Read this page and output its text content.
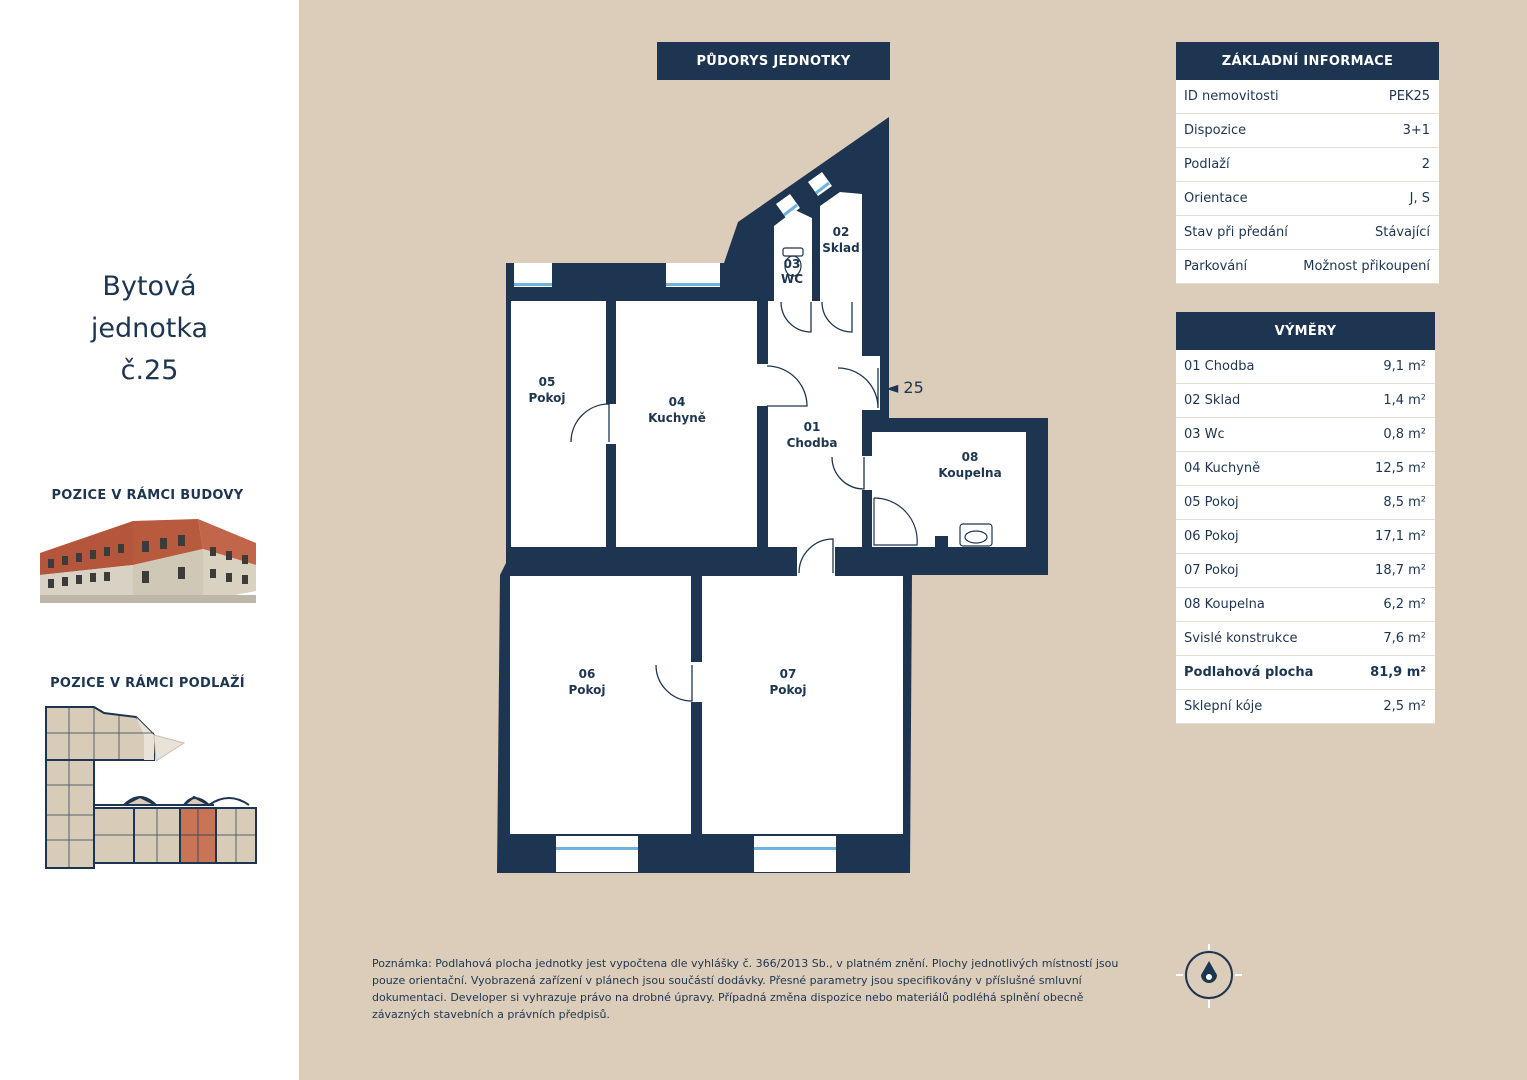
Bytová
jednotka
č.25
POZICE V RÁMCI BUDOVY
POZICE V RÁMCI PODLAŽÍ
PŮDORYS JEDNOTKY
◄ 25
01
Chodba
02
Sklad
03
WC
04
Kuchyně
05
Pokoj
06
Pokoj
07
Pokoj
08
Koupelna
ZÁKLADNÍ INFORMACE
ID nemovitosti	PEK25
Dispozice	3+1
Podlaží	2
Orientace	J, S
Stav při předání	Stávající
Parkování	Možnost přikoupení
VÝMĚRY
01 Chodba	9,1 m²
02 Sklad	1,4 m²
03 Wc	0,8 m²
04 Kuchyně	12,5 m²
05 Pokoj	8,5 m²
06 Pokoj	17,1 m²
07 Pokoj	18,7 m²
08 Koupelna	6,2 m²
Svislé konstrukce	7,6 m²
Podlahová plocha	81,9 m²
Sklepní kóje	2,5 m²
Poznámka: Podlahová plocha jednotky jest vypočtena dle vyhlášky č. 366/2013 Sb., v platném znění. Plochy jednotlivých místností jsou pouze orientační. Vyobrazená zařízení v plánech jsou součástí dodávky. Přesné parametry jsou specifikovány v příslušné smluvní dokumentaci. Developer si vyhrazuje právo na drobné úpravy. Případná změna dispozice nebo materiálů podléhá splnění obecně závazných stavebních a právních předpisů.
